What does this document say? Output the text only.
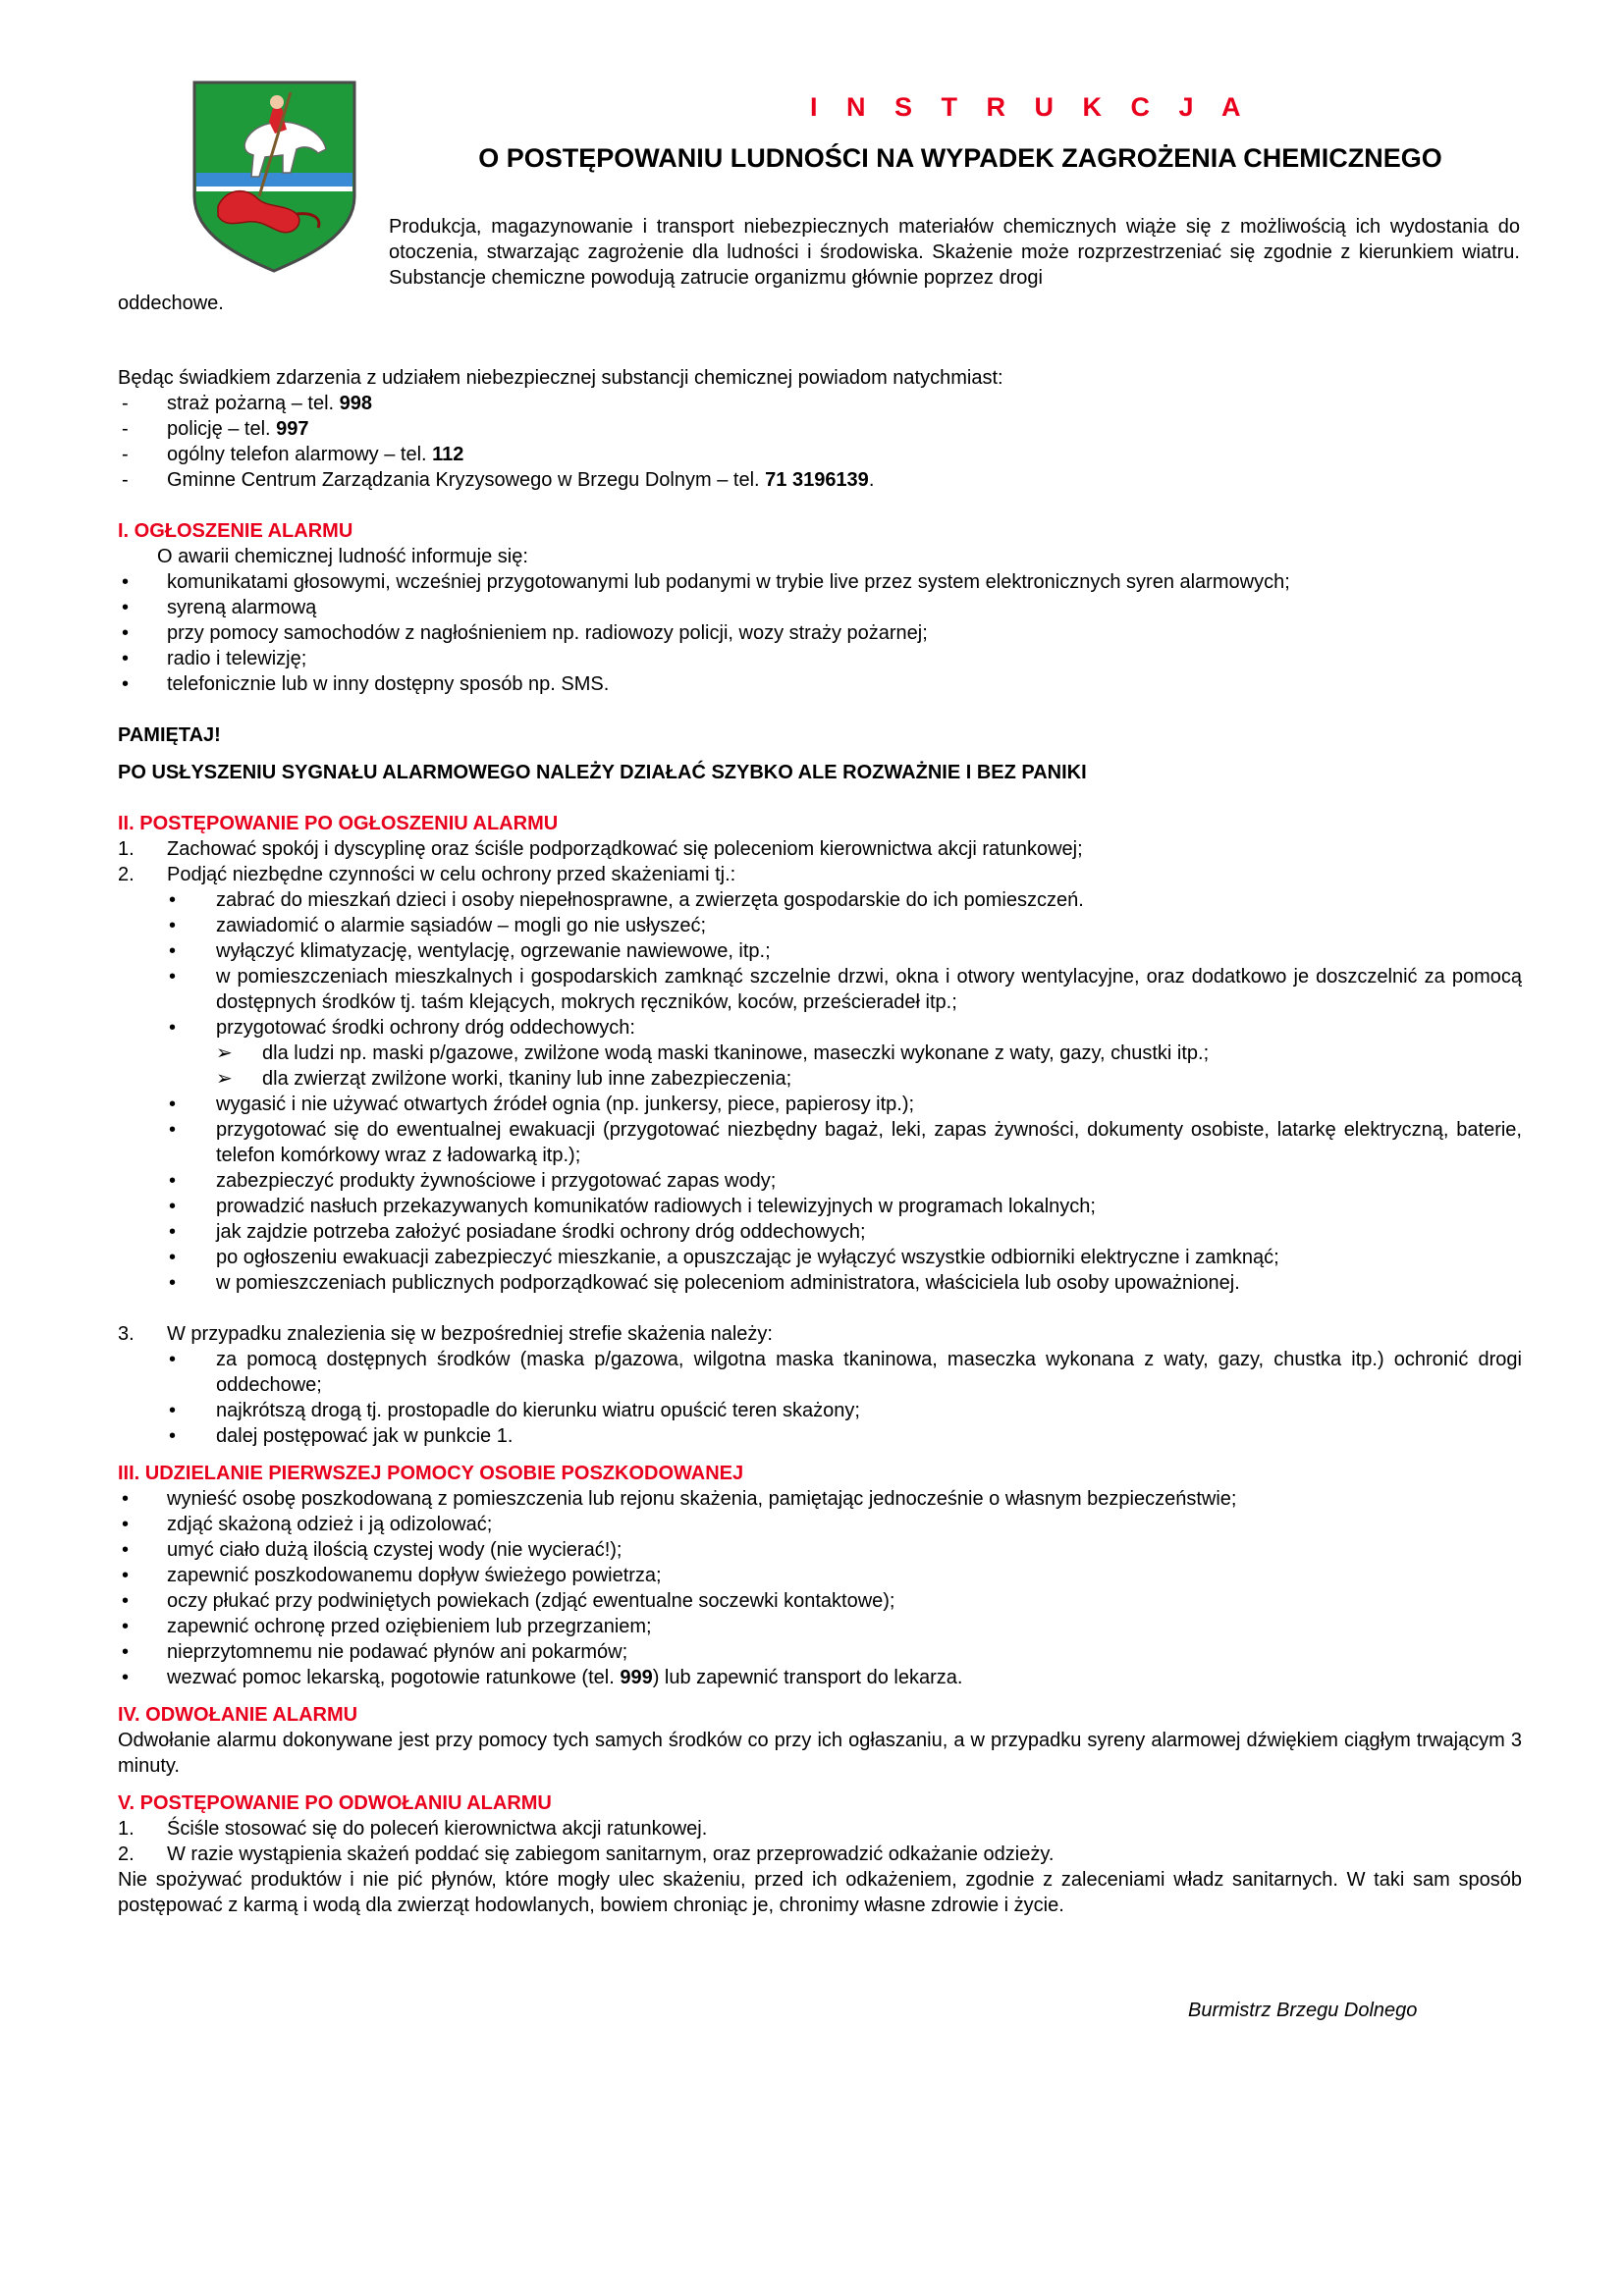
I N S T R U K C J A
O POSTĘPOWANIU LUDNOŚCI NA WYPADEK ZAGROŻENIA CHEMICZNEGO
Produkcja, magazynowanie i transport niebezpiecznych materiałów chemicznych wiąże się z możliwością ich wydostania do otoczenia, stwarzając zagrożenie dla ludności i środowiska. Skażenie może rozprzestrzeniać się zgodnie z kierunkiem wiatru. Substancje chemiczne powodują zatrucie organizmu głównie poprzez drogi
oddechowe.
Będąc świadkiem zdarzenia z udziałem niebezpiecznej substancji chemicznej powiadom natychmiast:
- straż pożarną – tel. 998
- policję – tel. 997
- ogólny telefon alarmowy – tel. 112
- Gminne Centrum Zarządzania Kryzysowego w Brzegu Dolnym – tel. 71 3196139.
I. OGŁOSZENIE ALARMU
O awarii chemicznej ludność informuje się:
• komunikatami głosowymi, wcześniej przygotowanymi lub podanymi w trybie live przez system elektronicznych syren alarmowych;
• syreną alarmową
• przy pomocy samochodów z nagłośnieniem np. radiowozy policji, wozy straży pożarnej;
• radio i telewizję;
• telefonicznie lub w inny dostępny sposób np. SMS.
PAMIĘTAJ!
PO USŁYSZENIU SYGNAŁU ALARMOWEGO NALEŻY DZIAŁAĆ SZYBKO ALE ROZWAŻNIE I BEZ PANIKI
II. POSTĘPOWANIE PO OGŁOSZENIU ALARMU
1. Zachować spokój i dyscyplinę oraz ściśle podporządkować się poleceniom kierownictwa akcji ratunkowej;
2. Podjąć niezbędne czynności w celu ochrony przed skażeniami tj.:
• zabrać do mieszkań dzieci i osoby niepełnosprawne, a zwierzęta gospodarskie do ich pomieszczeń.
• zawiadomić o alarmie sąsiadów – mogli go nie usłyszeć;
• wyłączyć klimatyzację, wentylację, ogrzewanie nawiewowe, itp.;
• w pomieszczeniach mieszkalnych i gospodarskich zamknąć szczelnie drzwi, okna i otwory wentylacyjne, oraz dodatkowo je doszczelnić za pomocą dostępnych środków tj. taśm klejących, mokrych ręczników, koców, prześcieradeł itp.;
• przygotować środki ochrony dróg oddechowych:
➢ dla ludzi np. maski p/gazowe, zwilżone wodą maski tkaninowe, maseczki wykonane z waty, gazy, chustki itp.;
➢ dla zwierząt zwilżone worki, tkaniny lub inne zabezpieczenia;
• wygasić i nie używać otwartych źródeł ognia (np. junkersy, piece, papierosy itp.);
• przygotować się do ewentualnej ewakuacji (przygotować niezbędny bagaż, leki, zapas żywności, dokumenty osobiste, latarkę elektryczną, baterie, telefon komórkowy wraz z ładowarką itp.);
• zabezpieczyć produkty żywnościowe i przygotować zapas wody;
• prowadzić nasłuch przekazywanych komunikatów radiowych i telewizyjnych w programach lokalnych;
• jak zajdzie potrzeba założyć posiadane środki ochrony dróg oddechowych;
• po ogłoszeniu ewakuacji zabezpieczyć mieszkanie, a opuszczając je wyłączyć wszystkie odbiorniki elektryczne i zamknąć;
• w pomieszczeniach publicznych podporządkować się poleceniom administratora, właściciela lub osoby upoważnionej.
3. W przypadku znalezienia się w bezpośredniej strefie skażenia należy:
• za pomocą dostępnych środków (maska p/gazowa, wilgotna maska tkaninowa, maseczka wykonana z waty, gazy, chustka itp.) ochronić drogi oddechowe;
• najkrótszą drogą tj. prostopadle do kierunku wiatru opuścić teren skażony;
• dalej postępować jak w punkcie 1.
III. UDZIELANIE PIERWSZEJ POMOCY OSOBIE POSZKODOWANEJ
• wynieść osobę poszkodowaną z pomieszczenia lub rejonu skażenia, pamiętając jednocześnie o własnym bezpieczeństwie;
• zdjąć skażoną odzież i ją odizolować;
• umyć ciało dużą ilością czystej wody (nie wycierać!);
• zapewnić poszkodowanemu dopływ świeżego powietrza;
• oczy płukać przy podwiniętych powiekach (zdjąć ewentualne soczewki kontaktowe);
• zapewnić ochronę przed oziębieniem lub przegrzaniem;
• nieprzytomnemu nie podawać płynów ani pokarmów;
• wezwać pomoc lekarską, pogotowie ratunkowe (tel. 999) lub zapewnić transport do lekarza.
IV. ODWOŁANIE ALARMU
Odwołanie alarmu dokonywane jest przy pomocy tych samych środków co przy ich ogłaszaniu, a w przypadku syreny alarmowej dźwiękiem ciągłym trwającym 3 minuty.
V. POSTĘPOWANIE PO ODWOŁANIU ALARMU
1. Ściśle stosować się do poleceń kierownictwa akcji ratunkowej.
2. W razie wystąpienia skażeń poddać się zabiegom sanitarnym, oraz przeprowadzić odkażanie odzieży.
Nie spożywać produktów i nie pić płynów, które mogły ulec skażeniu, przed ich odkażeniem, zgodnie z zaleceniami władz sanitarnych. W taki sam sposób postępować z karmą i wodą dla zwierząt hodowlanych, bowiem chroniąc je, chronimy własne zdrowie i życie.
Burmistrz Brzegu Dolnego
